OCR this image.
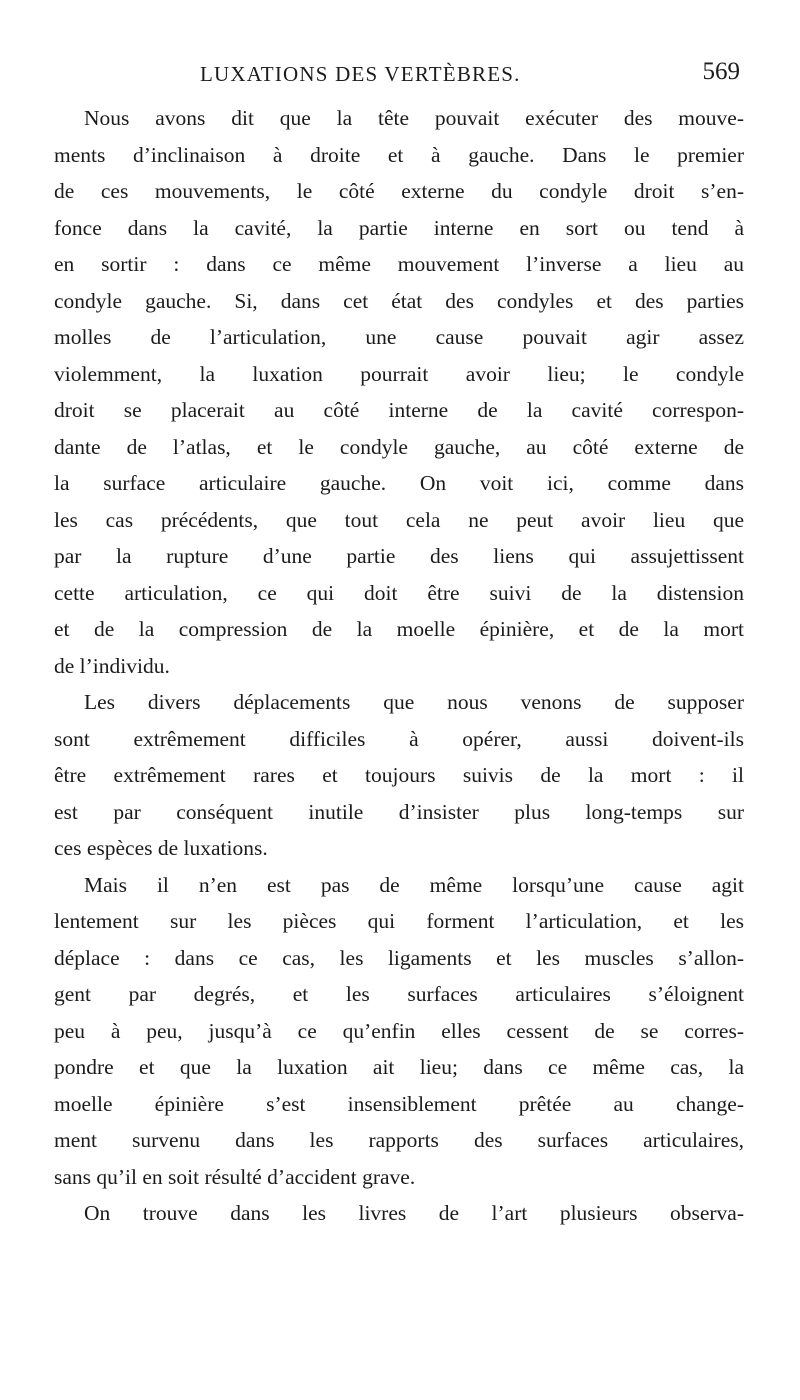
LUXATIONS DES VERTÈBRES.	569
Nous avons dit que la tête pouvait exécuter des mouve-
ments d’inclinaison à droite et à gauche. Dans le premier
de ces mouvements, le côté externe du condyle droit s’en-
fonce dans la cavité, la partie interne en sort ou tend à
en sortir : dans ce même mouvement l’inverse a lieu au
condyle gauche. Si, dans cet état des condyles et des parties
molles de l’articulation, une cause pouvait agir assez
violemment, la luxation pourrait avoir lieu; le condyle
droit se placerait au côté interne de la cavité correspon-
dante de l’atlas, et le condyle gauche, au côté externe de
la surface articulaire gauche. On voit ici, comme dans
les cas précédents, que tout cela ne peut avoir lieu que
par la rupture d’une partie des liens qui assujettissent
cette articulation, ce qui doit être suivi de la distension
et de la compression de la moelle épinière, et de la mort
de l’individu.
Les divers déplacements que nous venons de supposer
sont extrêmement difficiles à opérer, aussi doivent-ils
être extrêmement rares et toujours suivis de la mort : il
est par conséquent inutile d’insister plus long-temps sur
ces espèces de luxations.
Mais il n’en est pas de même lorsqu’une cause agit
lentement sur les pièces qui forment l’articulation, et les
déplace : dans ce cas, les ligaments et les muscles s’allon-
gent par degrés, et les surfaces articulaires s’éloignent
peu à peu, jusqu’à ce qu’enfin elles cessent de se corres-
pondre et que la luxation ait lieu; dans ce même cas, la
moelle épinière s’est insensiblement prêtée au change-
ment survenu dans les rapports des surfaces articulaires,
sans qu’il en soit résulté d’accident grave.
On trouve dans les livres de l’art plusieurs observa-
